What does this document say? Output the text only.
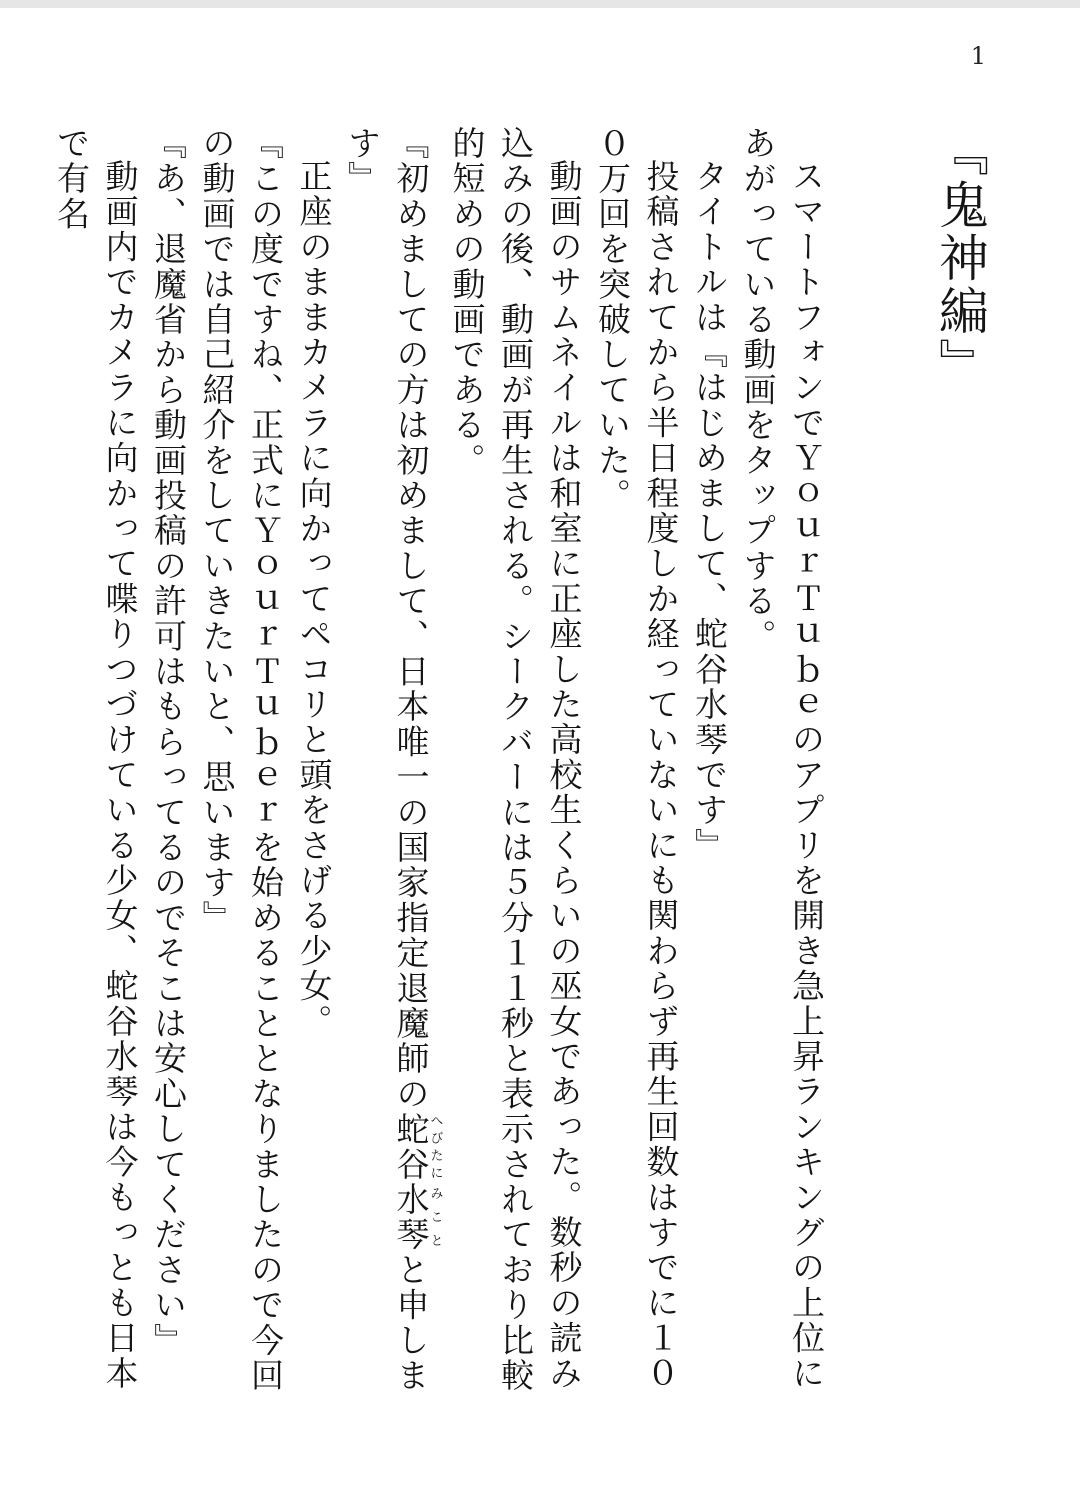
1
『鬼神編』

スマートフォンでＹｏｕｒＴｕｂｅのアプリを開き急上昇ランキングの上位にあがっている動画をタップする。

タイトルは『はじめまして、蛇谷水琴です』

投稿されてから半日程度しか経っていないにも関わらず再生回数はすでに１００万回を突破していた。

動画のサムネイルは和室に正座した高校生くらいの巫女であった。数秒の読み込みの後、動画が再生される。シークバーには５分１１秒と表示されており比較的短めの動画である。

『初めましての方は初めまして、日本唯一の国家指定退魔師の蛇谷へびたに水琴みことと申します』

正座のままカメラに向かってペコリと頭をさげる少女。

『この度ですね、正式にＹｏｕｒＴｕｂｅｒを始めることとなりましたので今回の動画では自己紹介をしていきたいと、思います』

『あ、退魔省から動画投稿の許可はもらってるのでそこは安心してください』

動画内でカメラに向かって喋りつづけている少女、蛇谷水琴は今もっとも日本で有名
